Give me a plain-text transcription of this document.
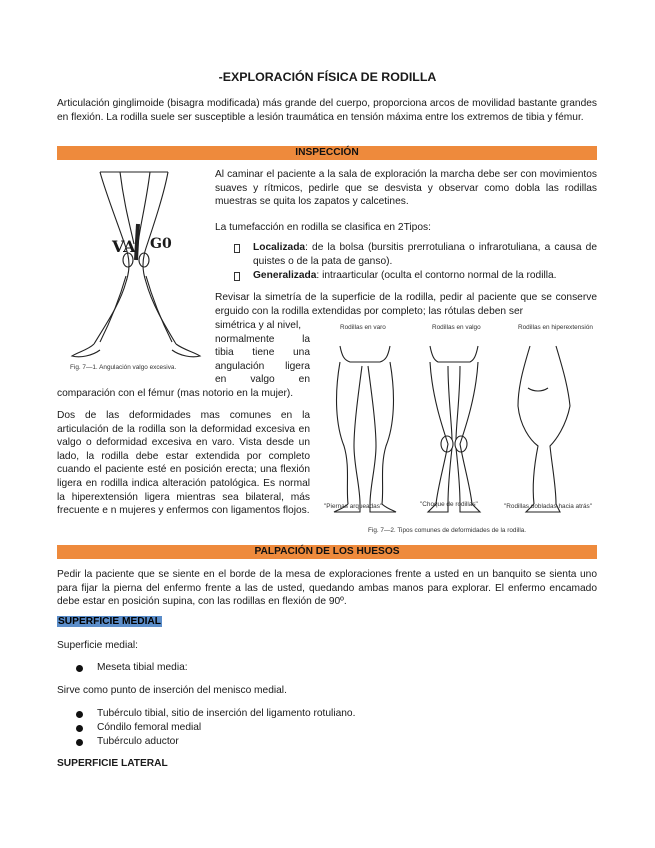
-EXPLORACIÓN FÍSICA DE RODILLA

Articulación ginglimoide (bisagra modificada) más grande del cuerpo, proporciona arcos de movilidad bastante grandes en flexión. La rodilla suele ser susceptible a lesión traumática en tensión máxima entre los extremos de tibia y fémur.

INSPECCIÓN
VA G0
Fig. 7—1. Angulación valgo excesiva.

Al caminar el paciente a la sala de exploración la marcha debe ser con movimientos suaves y rítmicos, pedirle que se desvista y observar como dobla las rodillas muestras se quita los zapatos y calcetines.

La tumefacción en rodilla se clasifica en 2Tipos:

Localizada: de la bolsa (bursitis prerrotuliana o infrarotuliana, a causa de quistes o de la pata de ganso).

Generalizada: intraarticular (oculta el contorno normal de la rodilla.

Revisar la simetría de la superficie de la rodilla, pedir al paciente que se conserve erguido con la rodilla extendidas por completo; las rótulas deben ser

simétrica y al nivel,
normalmente la
tibia tiene una
angulación ligera
en valgo en

comparación con el fémur (mas notorio en la mujer).

Dos de las deformidades mas comunes en la articulación de la rodilla son la deformidad excesiva en valgo o deformidad excesiva en varo. Vista desde un lado, la rodilla debe estar extendida por completo cuando el paciente esté en posición erecta; una flexión ligera en rodilla indica alteración patológica. Es normal la hiperextensión ligera mientras sea bilateral, más frecuente e n mujeres y enfermos con ligamentos flojos.

Rodillas en varo	Rodillas en valgo	Rodillas en hiperextensión
"Piernas arqueadas"	"Choque de rodillas"	"Rodillas dobladas hacia atrás"
Fig. 7—2. Tipos comunes de deformidades de la rodilla.
PALPACIÓN DE LOS HUESOS

Pedir la paciente que se siente en el borde de la mesa de exploraciones frente a usted en un banquito se sienta uno para fijar la pierna del enfermo frente a las de usted, quedando ambas manos para explorar. El enfermo encamado debe estar en posición supina, con las rodillas en flexión de 90º.

SUPERFICIE MEDIAL

Superficie medial:

Meseta tibial media:

Sirve como punto de inserción del menisco medial.

Tubérculo tibial, sitio de inserción del ligamento rotuliano.

Cóndilo femoral medial

Tubérculo aductor

SUPERFICIE LATERAL
